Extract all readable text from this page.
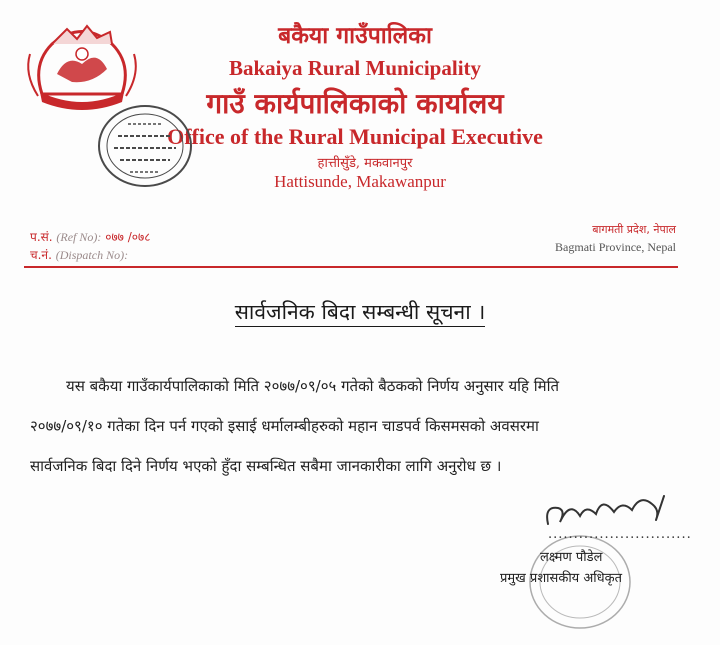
बकैया गाउँपालिका
Bakaiya Rural Municipality
गाउँ कार्यपालिकाको कार्यालय
Office of the Rural Municipal Executive
हात्तीसुँडे, मकवानपुर
Hattisunde, Makawanpur
प.सं. (Ref No): ०७७ /०७८
च.नं. (Dispatch No):
बागमती प्रदेश, नेपाल
Bagmati Province, Nepal
सार्वजनिक बिदा सम्बन्धी सूचना ।
यस बकैया गाउँकार्यपालिकाको मिति २०७७/०९/०५ गतेको बैठकको निर्णय अनुसार यहि मिति
२०७७/०९/१० गतेका दिन पर्न गएको इसाई धर्मालम्बीहरुको महान चाडपर्व किसमसको अवसरमा
सार्वजनिक बिदा दिने निर्णय भएको हुँदा सम्बन्धित सबैमा जानकारीका लागि अनुरोध छ ।
............................
लक्ष्मण पौडेल
प्रमुख प्रशासकीय अधिकृत
